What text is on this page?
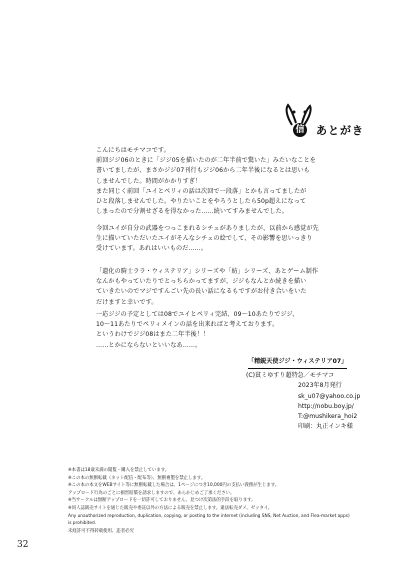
信 あとがき
こんにちはモチマコです。
前回ジジ06のときに「ジジ05を描いたのが二年半前で驚いた」みたいなことを
書いてましたが、まさかジジ07刊行もジジ06から二年半後になるとは思いも
しませんでした。時間がかかりすぎ！
また同じく前回「ユイとペリィの話は次回で一段落」とかも言ってましたが
ひと段落しませんでした。やりたいことをやろうとしたら50p超えになって
しまったので分割せざるを得なかった……続いてすみませんでした。
今回ユイが自分の武器をつっこまれるシチュがありましたが、以前から感覚が先
生に描いていただいたユイがそんなシチュの絵でして、その影響を思いっきり
受けています。あれはいいものだ……。
「遺化の騎士ララ・ウィステリア」シリーズや「紡」シリーズ、あとゲーム制作
なんかもやっていたりでとっちらかってますが、ジジもなんとか続きを描い
ていきたいのでマジですんごい先の長い話になるもですがお付き合いをいた
だけますと幸いです。
一応ジジの予定としては08でユイとペリィ完結、09～10あたりでジジ、
10～11あたりでペリィメインの話を出来ればと考えております。
というわけでジジ08はまた二年半後！！
……とかにならないといいなあ……。
「精鋭天使ジジ・ウィステリア07」
(C)貧ミゆすり超特急／モチマコ
2023年8月発行
sk_u07@yahoo.co.jp
http://nobu.boy.jp/
T:@mushikera_hoi2
印刷：丸正インキ様
※本書は18歳未満の閲覧・購入を禁止しています。
※この本の無断転載（ネット配信・配布等）、無断複製を禁止します。
※この本の本文をWEBサイト等に無断転載した場合は、1ページにつき10,000円の支払い義務が生じます。
アップロード行為のごとに損害賠償を請求しますので、あらかじめご了承ください。
※当サークルは無断アップロードを一切許可しておりません。見つけ次第法的手段を取ります。
※同人誌販売サイトを通じた販売や委託以外の方法による販売を禁止します。違法転売ダメ、ゼッタイ。
Any unauthorized reproduction, duplication, copying, or posting to the internet (including SNS, Net Auction, and Flea-market apps)
is prohibited.
未経許可不得转载使用、违者必究
32
